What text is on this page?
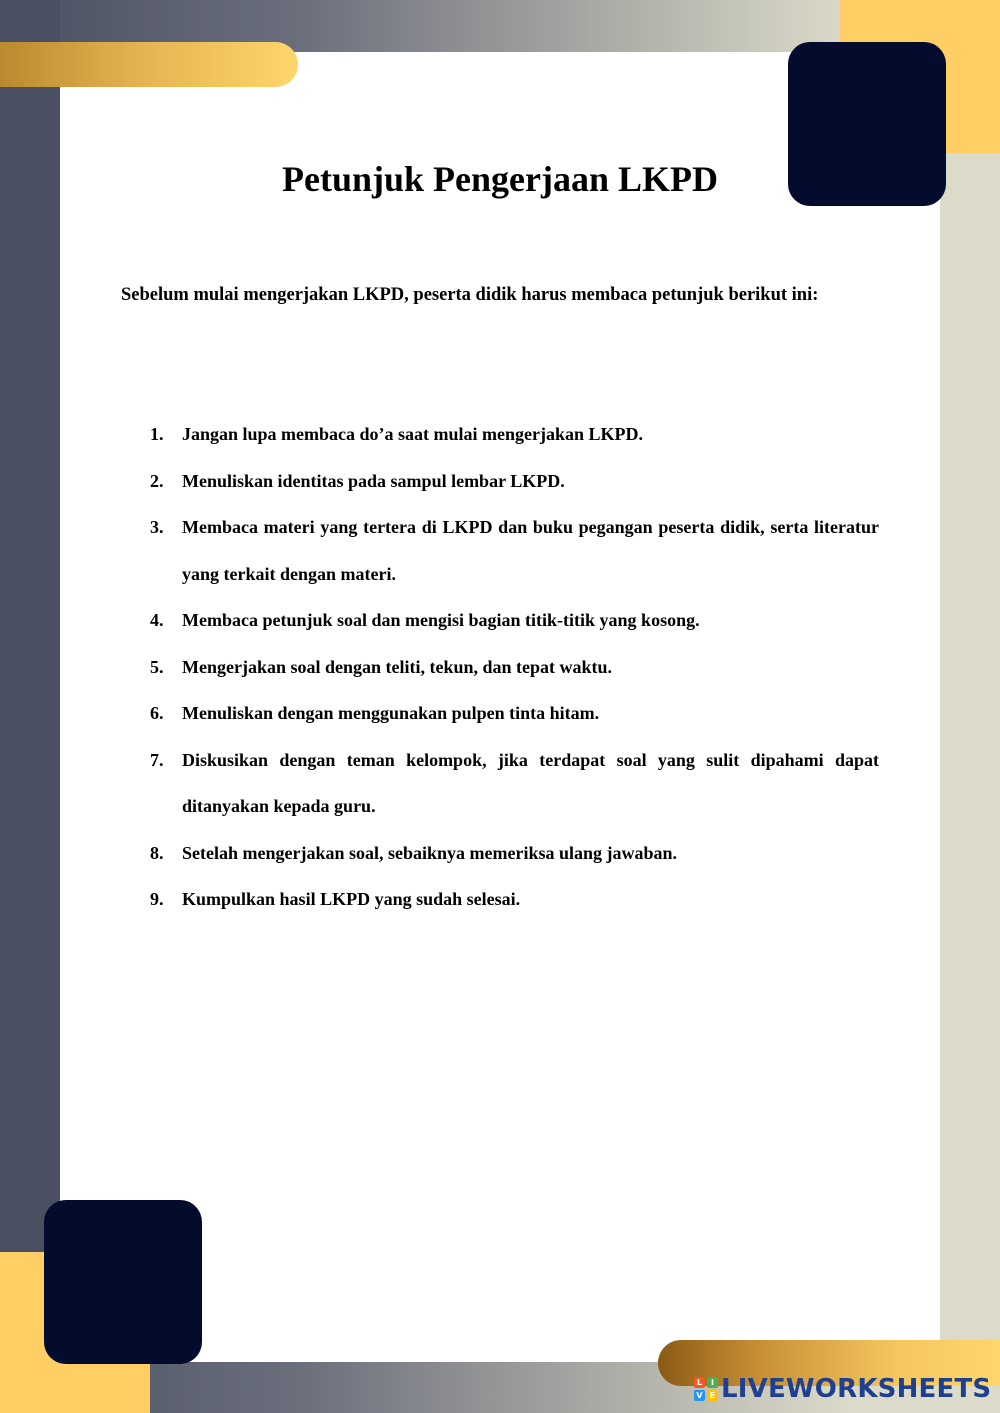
Petunjuk Pengerjaan LKPD

Sebelum mulai mengerjakan LKPD, peserta didik harus membaca petunjuk berikut ini:

1. Jangan lupa membaca do’a saat mulai mengerjakan LKPD.
2. Menuliskan identitas pada sampul lembar LKPD.
3. Membaca materi yang tertera di LKPD dan buku pegangan peserta didik, serta literatur yang terkait dengan materi.
4. Membaca petunjuk soal dan mengisi bagian titik-titik yang kosong.
5. Mengerjakan soal dengan teliti, tekun, dan tepat waktu.
6. Menuliskan dengan menggunakan pulpen tinta hitam.
7. Diskusikan dengan teman kelompok, jika terdapat soal yang sulit dipahami dapat ditanyakan kepada guru.
8. Setelah mengerjakan soal, sebaiknya memeriksa ulang jawaban.
9. Kumpulkan hasil LKPD yang sudah selesai.
L	I
V E LIVEWORKSHEETS
